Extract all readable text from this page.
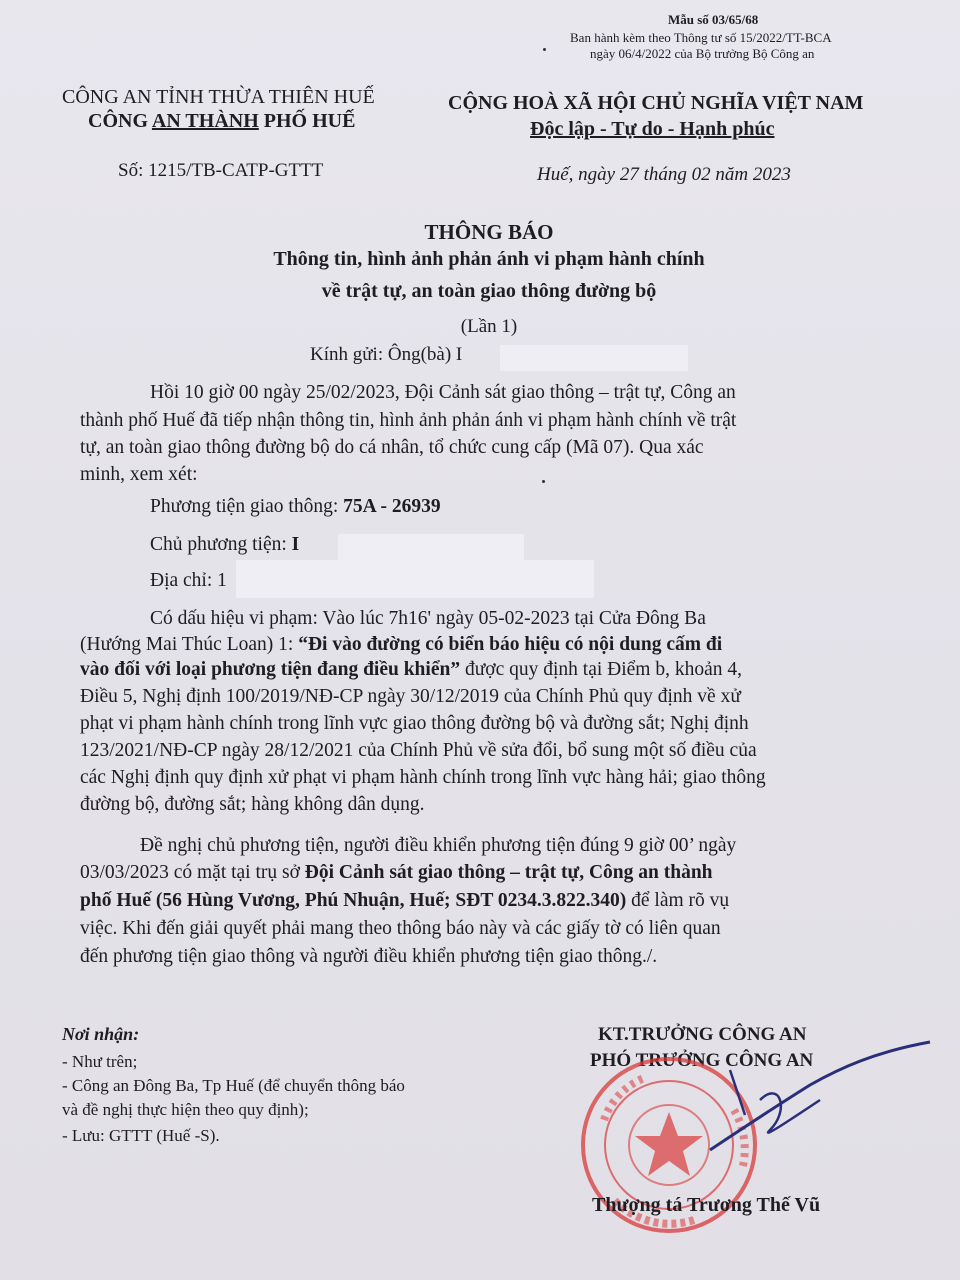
Mẫu số 03/65/68
Ban hành kèm theo Thông tư số 15/2022/TT-BCA
ngày 06/4/2022 của Bộ trưởng Bộ Công an
CÔNG AN TỈNH THỪA THIÊN HUẾ
CÔNG AN THÀNH PHỐ HUẾ
CỘNG HOÀ XÃ HỘI CHỦ NGHĨA VIỆT NAM
Độc lập - Tự do - Hạnh phúc
Số: 1215/TB-CATP-GTTT	Huế, ngày 27 tháng 02 năm 2023
THÔNG BÁO
Thông tin, hình ảnh phản ánh vi phạm hành chính
về trật tự, an toàn giao thông đường bộ
(Lần 1)
Kính gửi: Ông(bà) I
Hồi 10 giờ 00 ngày 25/02/2023, Đội Cảnh sát giao thông – trật tự, Công an
thành phố Huế đã tiếp nhận thông tin, hình ảnh phản ánh vi phạm hành chính về trật
tự, an toàn giao thông đường bộ do cá nhân, tổ chức cung cấp (Mã 07). Qua xác
minh, xem xét:
Phương tiện giao thông: 75A - 26939
Chủ phương tiện: I
Địa chỉ: 1
Có dấu hiệu vi phạm: Vào lúc 7h16' ngày 05-02-2023 tại Cửa Đông Ba
(Hướng Mai Thúc Loan) 1: “Đi vào đường có biển báo hiệu có nội dung cấm đi
vào đối với loại phương tiện đang điều khiển” được quy định tại Điểm b, khoản 4,
Điều 5, Nghị định 100/2019/NĐ-CP ngày 30/12/2019 của Chính Phủ quy định về xử
phạt vi phạm hành chính trong lĩnh vực giao thông đường bộ và đường sắt; Nghị định
123/2021/NĐ-CP ngày 28/12/2021 của Chính Phủ về sửa đổi, bổ sung một số điều của
các Nghị định quy định xử phạt vi phạm hành chính trong lĩnh vực hàng hải; giao thông
đường bộ, đường sắt; hàng không dân dụng.
Đề nghị chủ phương tiện, người điều khiển phương tiện đúng 9 giờ 00’ ngày
03/03/2023 có mặt tại trụ sở Đội Cảnh sát giao thông – trật tự, Công an thành
phố Huế (56 Hùng Vương, Phú Nhuận, Huế; SĐT 0234.3.822.340) để làm rõ vụ
việc. Khi đến giải quyết phải mang theo thông báo này và các giấy tờ có liên quan
đến phương tiện giao thông và người điều khiển phương tiện giao thông./.
Nơi nhận:
- Như trên;
- Công an Đông Ba, Tp Huế (để chuyển thông báo
và đề nghị thực hiện theo quy định);
- Lưu: GTTT (Huế -S).
KT.TRƯỞNG CÔNG AN
PHÓ TRƯỞNG CÔNG AN
Thượng tá Trương Thế Vũ
